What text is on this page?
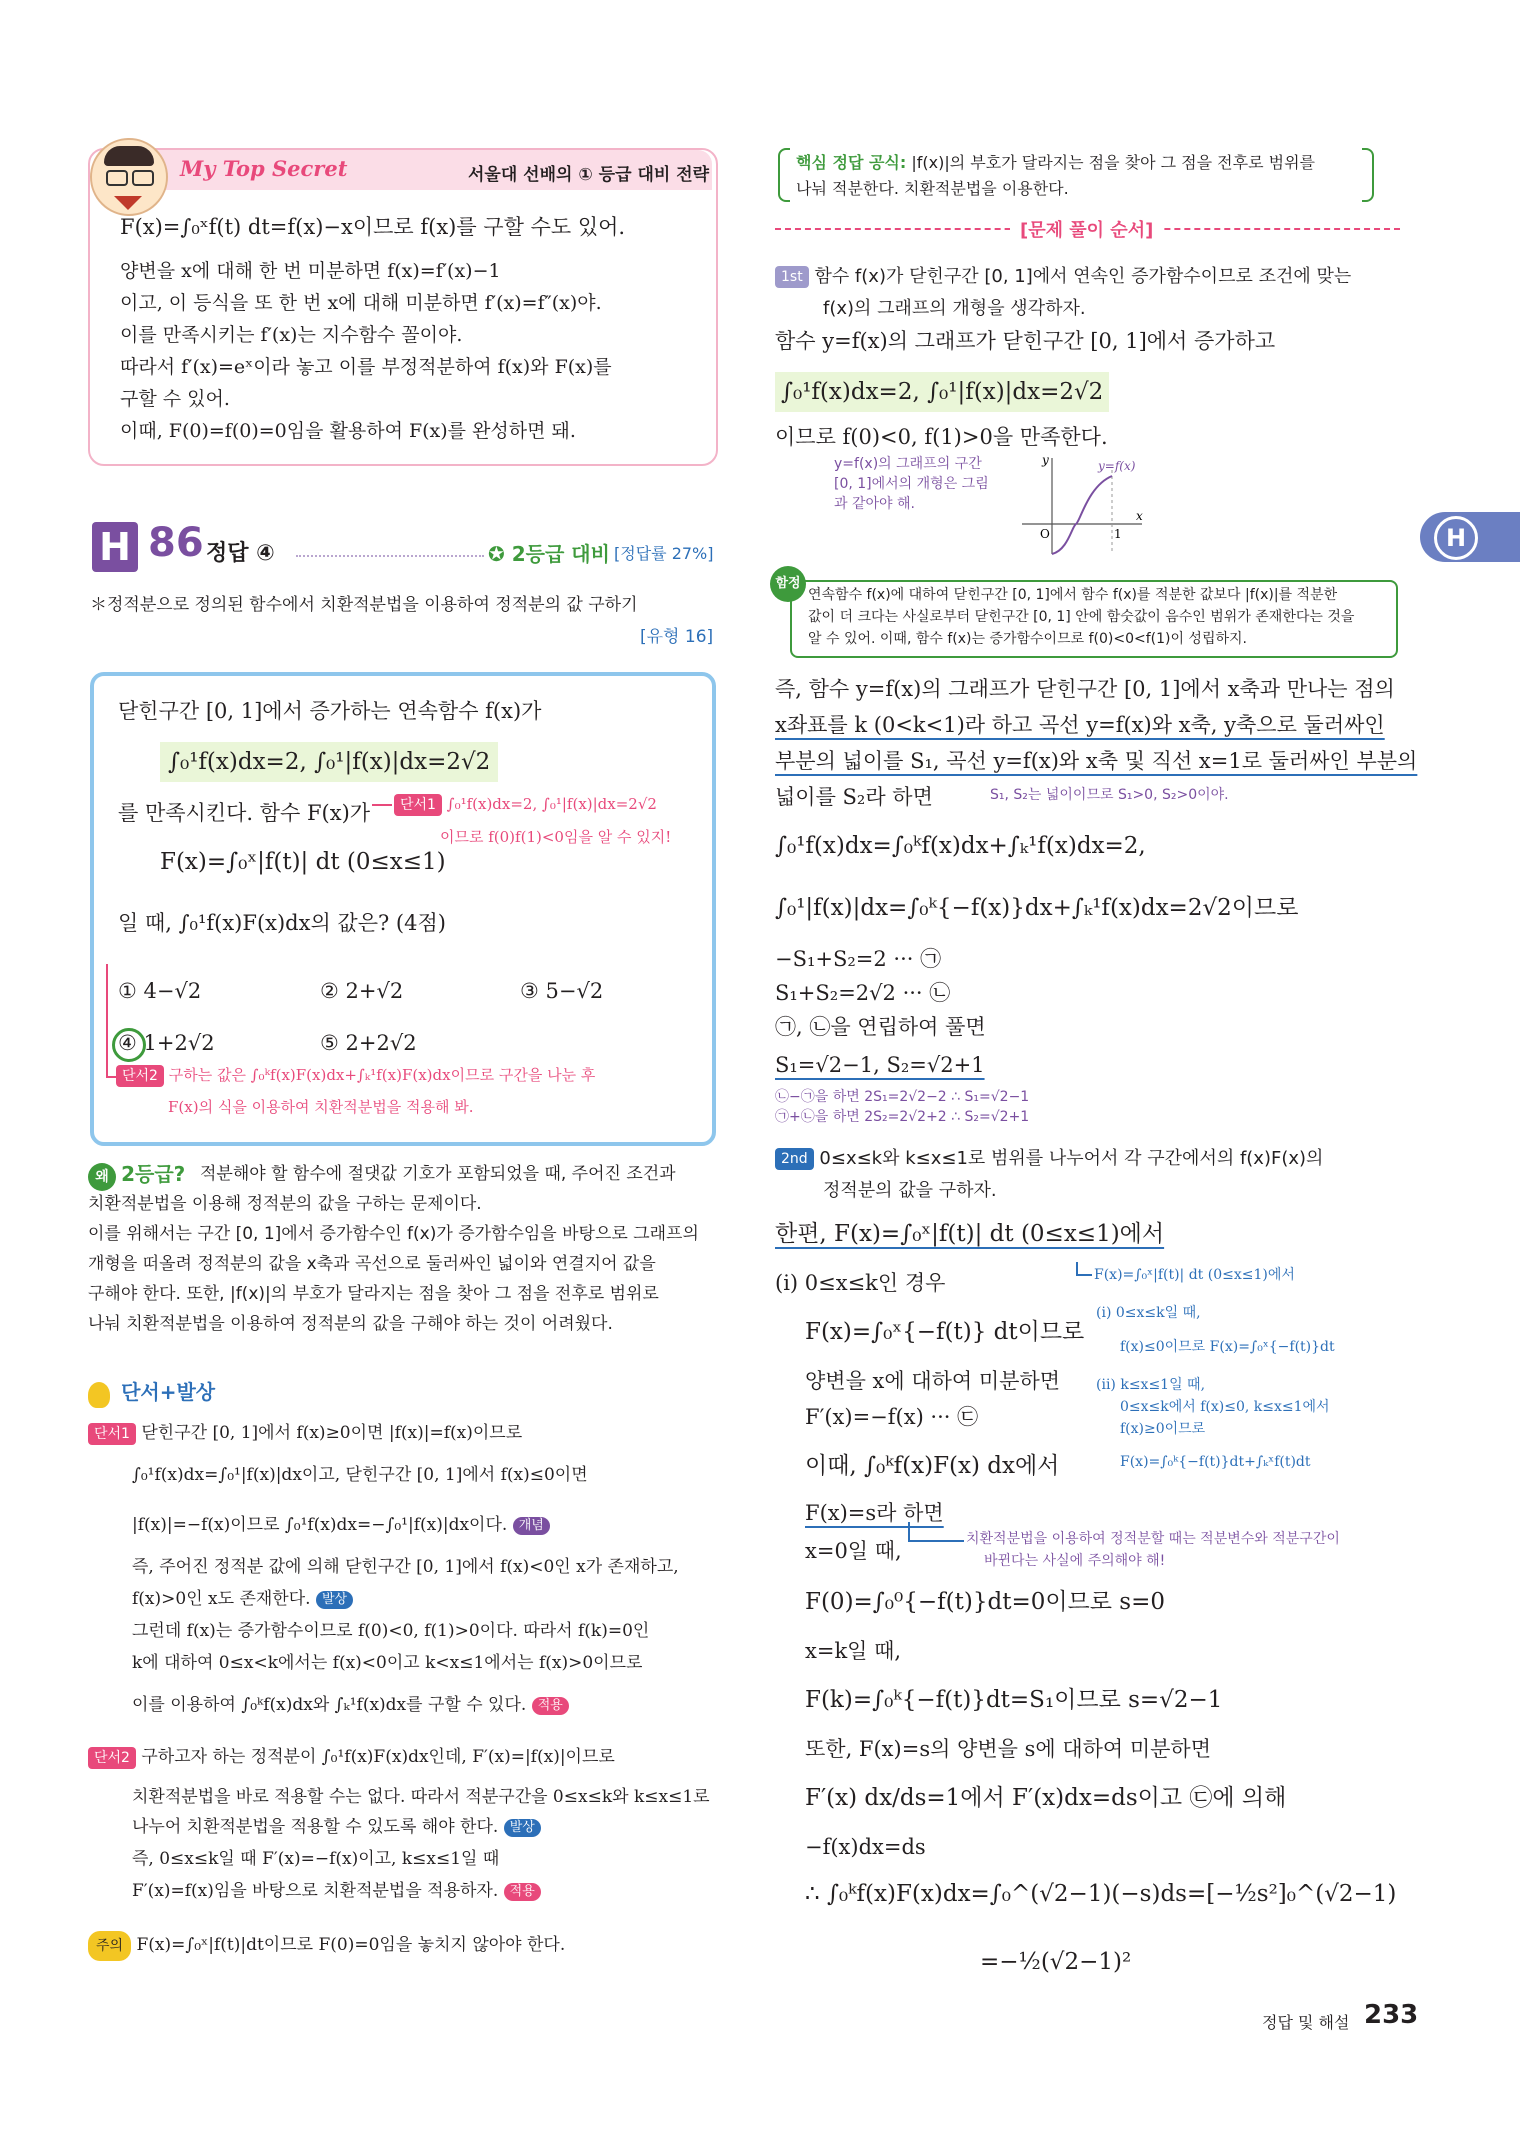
My Top Secret	서울대 선배의 ① 등급 대비 전략
F(x)=∫₀ˣf(t) dt=f(x)−x이므로 f(x)를 구할 수도 있어.
양변을 x에 대해 한 번 미분하면 f(x)=f′(x)−1
이고, 이 등식을 또 한 번 x에 대해 미분하면 f′(x)=f″(x)야.
이를 만족시키는 f′(x)는 지수함수 꼴이야.
따라서 f′(x)=eˣ이라 놓고 이를 부정적분하여 f(x)와 F(x)를
구할 수 있어.
이때, F(0)=f(0)=0임을 활용하여 F(x)를 완성하면 돼.
H 86 정답 ④	✪ 2등급 대비 [정답률 27%]
＊정적분으로 정의된 함수에서 치환적분법을 이용하여 정적분의 값 구하기
[유형 16]
닫힌구간 [0, 1]에서 증가하는 연속함수 f(x)가
∫₀¹f(x)dx=2, ∫₀¹|f(x)|dx=2√2
를 만족시킨다. 함수 F(x)가	단서1 ∫₀¹f(x)dx=2, ∫₀¹|f(x)|dx=2√2
이므로 f(0)f(1)<0임을 알 수 있지!
F(x)=∫₀ˣ|f(t)| dt (0≤x≤1)
일 때, ∫₀¹f(x)F(x)dx의 값은? (4점)
① 4−√2	② 2+√2	③ 5−√2
④ 1+2√2	⑤ 2+2√2
단서2 구하는 값은 ∫₀ᵏf(x)F(x)dx+∫ₖ¹f(x)F(x)dx이므로 구간을 나눈 후
F(x)의 식을 이용하여 치환적분법을 적용해 봐.
왜 2등급? 적분해야 할 함수에 절댓값 기호가 포함되었을 때, 주어진 조건과
치환적분법을 이용해 정적분의 값을 구하는 문제이다.
이를 위해서는 구간 [0, 1]에서 증가함수인 f(x)가 증가함수임을 바탕으로 그래프의
개형을 떠올려 정적분의 값을 x축과 곡선으로 둘러싸인 넓이와 연결지어 값을
구해야 한다. 또한, |f(x)|의 부호가 달라지는 점을 찾아 그 점을 전후로 범위로
나눠 치환적분법을 이용하여 정적분의 값을 구해야 하는 것이 어려웠다.
단서+발상
단서1 닫힌구간 [0, 1]에서 f(x)≥0이면 |f(x)|=f(x)이므로
∫₀¹f(x)dx=∫₀¹|f(x)|dx이고, 닫힌구간 [0, 1]에서 f(x)≤0이면
|f(x)|=−f(x)이므로 ∫₀¹f(x)dx=−∫₀¹|f(x)|dx이다. 개념
즉, 주어진 정적분 값에 의해 닫힌구간 [0, 1]에서 f(x)<0인 x가 존재하고,
f(x)>0인 x도 존재한다. 발상
그런데 f(x)는 증가함수이므로 f(0)<0, f(1)>0이다. 따라서 f(k)=0인
k에 대하여 0≤x<k에서는 f(x)<0이고 k<x≤1에서는 f(x)>0이므로
이를 이용하여 ∫₀ᵏf(x)dx와 ∫ₖ¹f(x)dx를 구할 수 있다. 적용
단서2 구하고자 하는 정적분이 ∫₀¹f(x)F(x)dx인데, F′(x)=|f(x)|이므로
치환적분법을 바로 적용할 수는 없다. 따라서 적분구간을 0≤x≤k와 k≤x≤1로
나누어 치환적분법을 적용할 수 있도록 해야 한다. 발상
즉, 0≤x≤k일 때 F′(x)=−f(x)이고, k≤x≤1일 때
F′(x)=f(x)임을 바탕으로 치환적분법을 적용하자. 적용
주의 F(x)=∫₀ˣ|f(t)|dt이므로 F(0)=0임을 놓치지 않아야 한다.
핵심 정답 공식: |f(x)|의 부호가 달라지는 점을 찾아 그 점을 전후로 범위를
나눠 적분한다. 치환적분법을 이용한다.
[문제 풀이 순서]
1st 함수 f(x)가 닫힌구간 [0, 1]에서 연속인 증가함수이므로 조건에 맞는
f(x)의 그래프의 개형을 생각하자.
함수 y=f(x)의 그래프가 닫힌구간 [0, 1]에서 증가하고
∫₀¹f(x)dx=2, ∫₀¹|f(x)|dx=2√2
이므로 f(0)<0, f(1)>0을 만족한다.
y=f(x)의 그래프의 구간
[0, 1]에서의 개형은 그림
과 같아야 해.
y=f(x)
y
x
O	1
함정
연속함수 f(x)에 대하여 닫힌구간 [0, 1]에서 함수 f(x)를 적분한 값보다 |f(x)|를 적분한
값이 더 크다는 사실로부터 닫힌구간 [0, 1] 안에 함숫값이 음수인 범위가 존재한다는 것을
알 수 있어. 이때, 함수 f(x)는 증가함수이므로 f(0)<0<f(1)이 성립하지.
즉, 함수 y=f(x)의 그래프가 닫힌구간 [0, 1]에서 x축과 만나는 점의
x좌표를 k (0<k<1)라 하고 곡선 y=f(x)와 x축, y축으로 둘러싸인
부분의 넓이를 S₁, 곡선 y=f(x)와 x축 및 직선 x=1로 둘러싸인 부분의
넓이를 S₂라 하면	S₁, S₂는 넓이이므로 S₁>0, S₂>0이야.
∫₀¹f(x)dx=∫₀ᵏf(x)dx+∫ₖ¹f(x)dx=2,
∫₀¹|f(x)|dx=∫₀ᵏ{−f(x)}dx+∫ₖ¹f(x)dx=2√2이므로
−S₁+S₂=2 ··· ㉠
S₁+S₂=2√2 ··· ㉡
㉠, ㉡을 연립하여 풀면
S₁=√2−1, S₂=√2+1
㉡−㉠을 하면 2S₁=2√2−2 ∴ S₁=√2−1
㉠+㉡을 하면 2S₂=2√2+2 ∴ S₂=√2+1
2nd 0≤x≤k와 k≤x≤1로 범위를 나누어서 각 구간에서의 f(x)F(x)의
정적분의 값을 구하자.
한편, F(x)=∫₀ˣ|f(t)| dt (0≤x≤1)에서
(i) 0≤x≤k인 경우
F(x)=∫₀ˣ{−f(t)} dt이므로
양변을 x에 대하여 미분하면
F′(x)=−f(x) ··· ㉢
이때, ∫₀ᵏf(x)F(x) dx에서
F(x)=s라 하면
x=0일 때,
F(0)=∫₀⁰{−f(t)}dt=0이므로 s=0
x=k일 때,
F(k)=∫₀ᵏ{−f(t)}dt=S₁이므로 s=√2−1
또한, F(x)=s의 양변을 s에 대하여 미분하면
F′(x) dx/ds=1에서 F′(x)dx=ds이고 ㉢에 의해
−f(x)dx=ds
∴ ∫₀ᵏf(x)F(x)dx=∫₀^(√2−1)(−s)ds=[−½s²]₀^(√2−1)
=−½(√2−1)²
F(x)=∫₀ˣ|f(t)| dt (0≤x≤1)에서
(i) 0≤x≤k일 때,
f(x)≤0이므로 F(x)=∫₀ˣ{−f(t)}dt
(ii) k≤x≤1일 때,
0≤x≤k에서 f(x)≤0, k≤x≤1에서
f(x)≥0이므로
F(x)=∫₀ᵏ{−f(t)}dt+∫ₖˣf(t)dt
치환적분법을 이용하여 정적분할 때는 적분변수와 적분구간이
바뀐다는 사실에 주의해야 해!
H
정답 및 해설 233
